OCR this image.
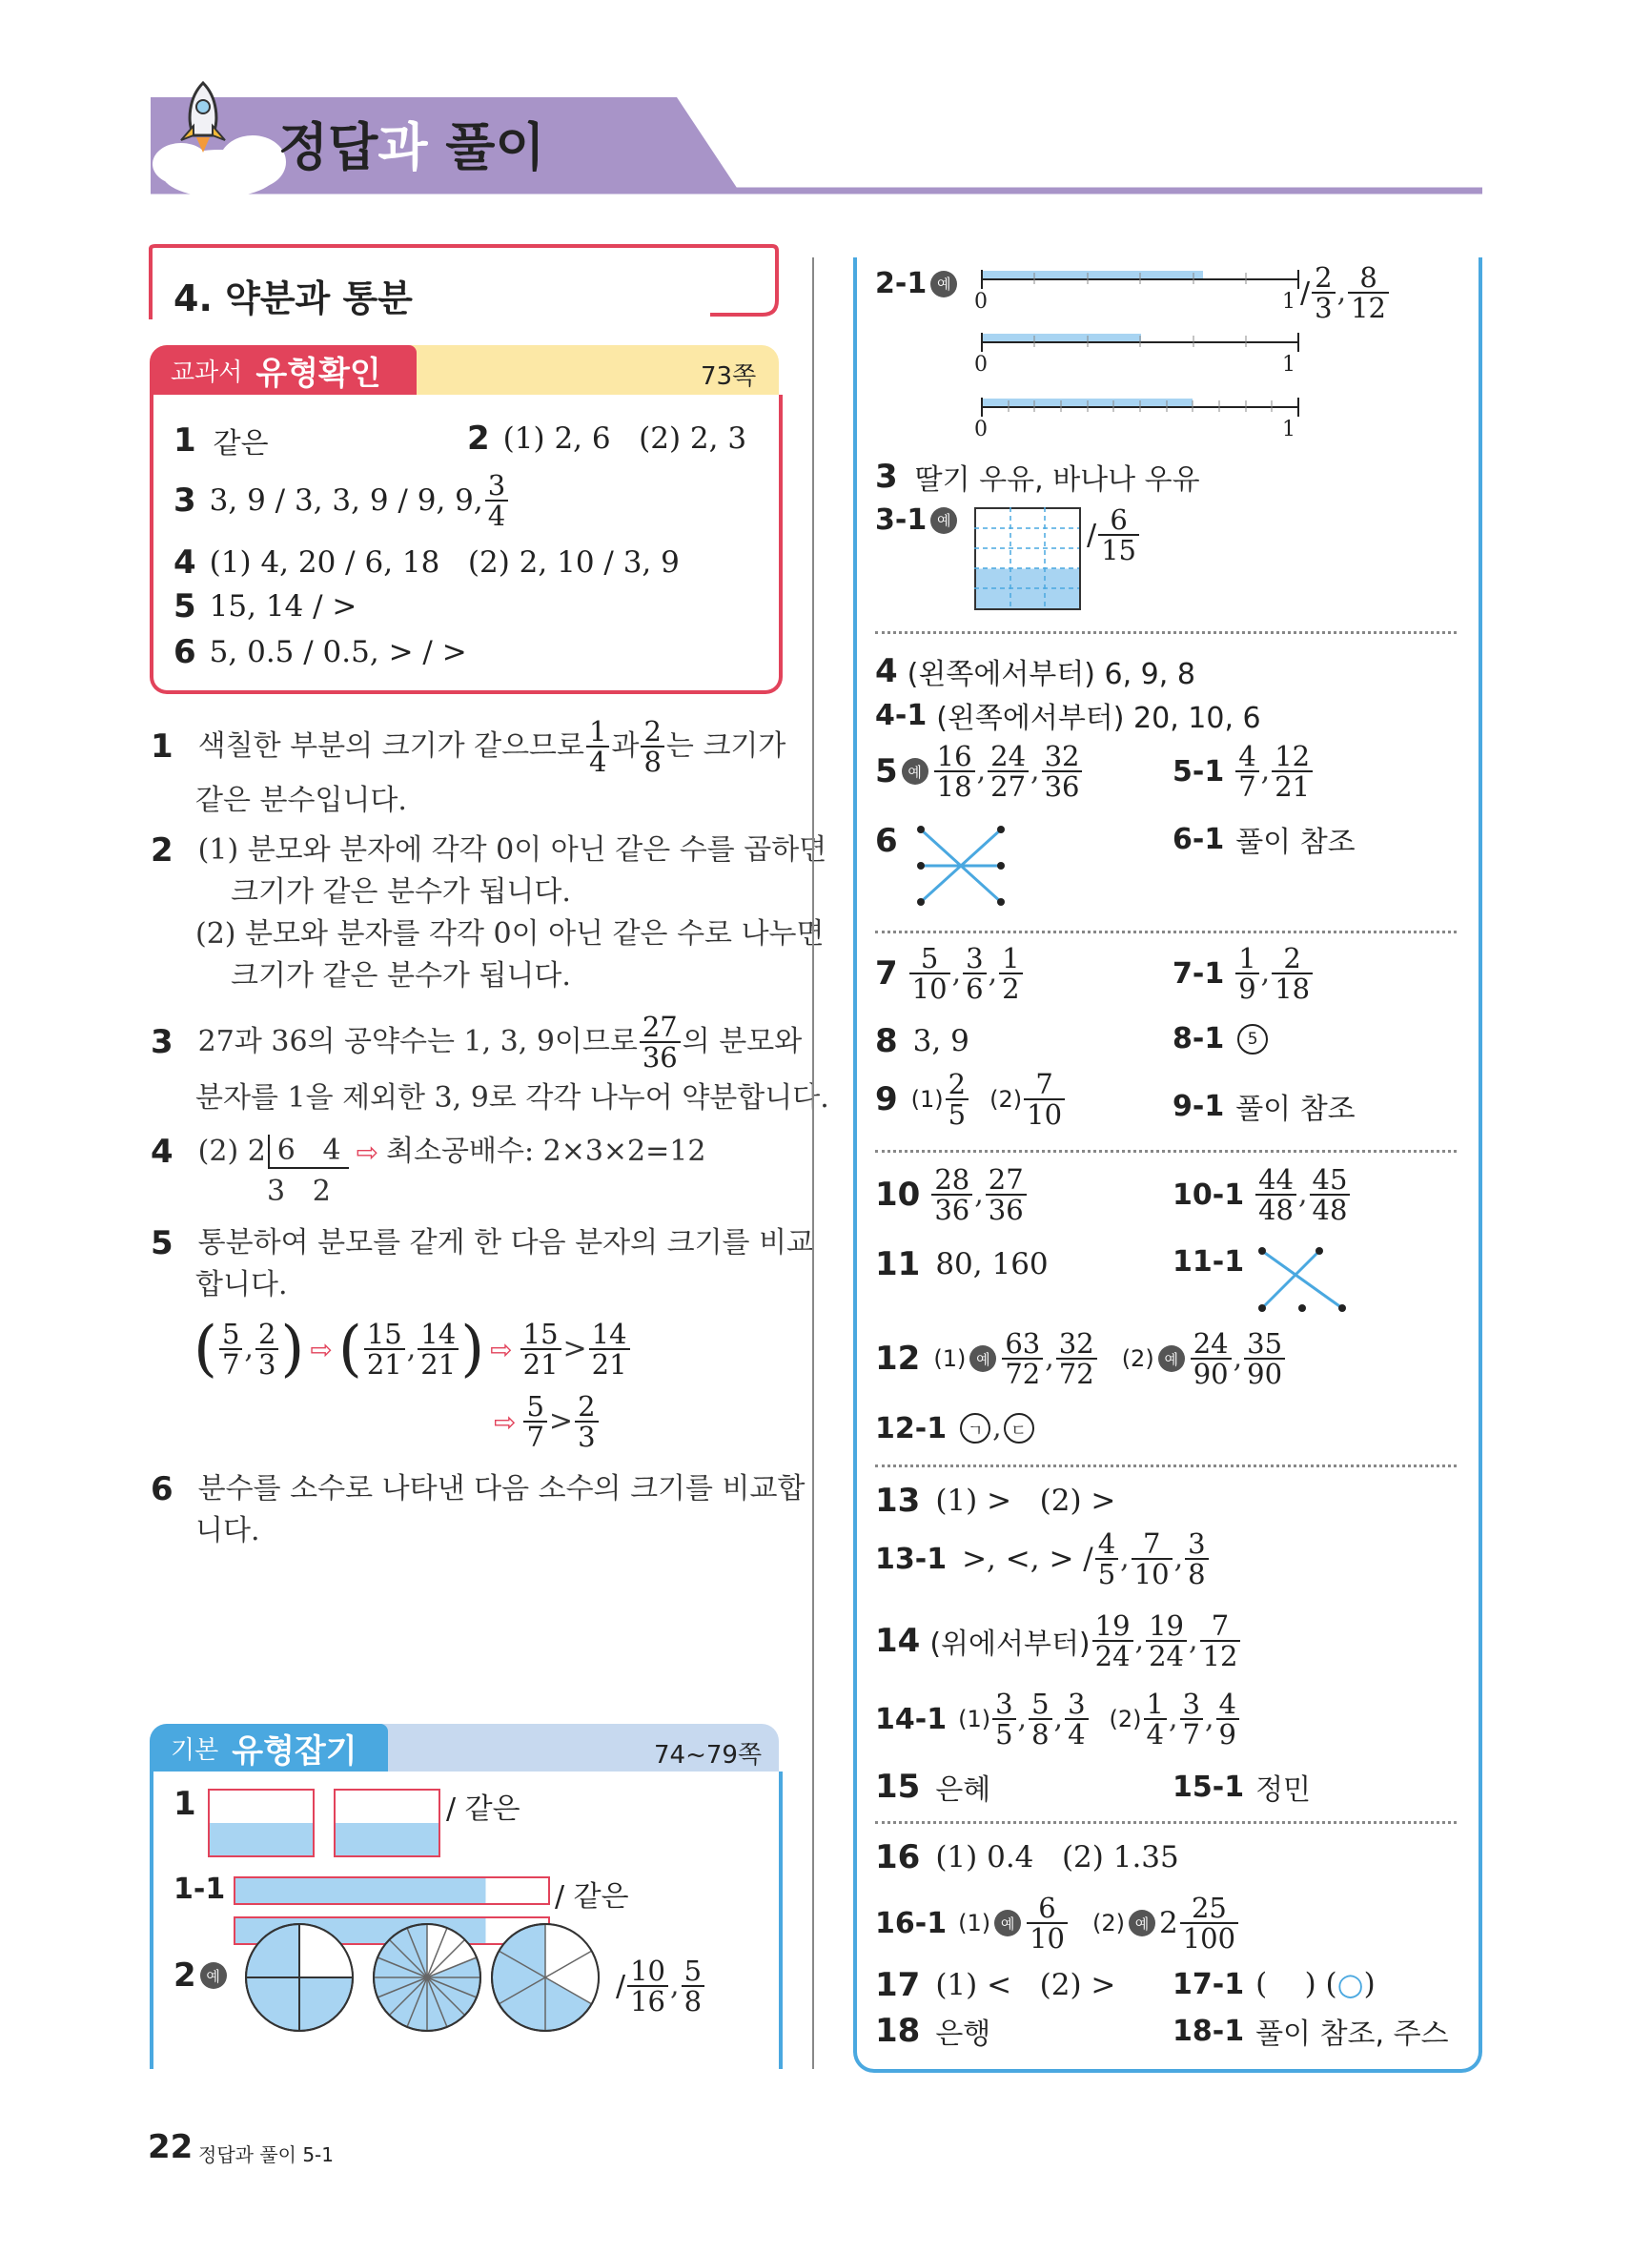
정답과 풀이
4. 약분과 통분
교과서 유형확인	73쪽
1 같은	2 (1) 2, 6   (2) 2, 3
3 3, 9 / 3, 3, 9 / 9, 9, $\frac{3}{4}$
4 (1) 4, 20 / 6, 18   (2) 2, 10 / 3, 9
5 15, 14 / >
6 5, 0.5 / 0.5, > / >
1 색칠한 부분의 크기가 같으므로 $\frac{1}{4}$ 과 $\frac{2}{8}$ 는 크기가
같은 분수입니다.
2 (1) 분모와 분자에 각각 0이 아닌 같은 수를 곱하면
크기가 같은 분수가 됩니다.
(2) 분모와 분자를 각각 0이 아닌 같은 수로 나누면
크기가 같은 분수가 됩니다.
3 27과 36의 공약수는 1, 3, 9이므로 $\frac{27}{36}$ 의 분모와
분자를 1을 제외한 3, 9로 각각 나누어 약분합니다.
4 (2) 2 6   4 ⇨ 최소공배수: 2×3×2=12
3   2
5 통분하여 분모를 같게 한 다음 분자의 크기를 비교
합니다.
( $\frac{5}{7}$ , $\frac{2}{3}$ ) ⇨ ( $\frac{15}{21}$ , $\frac{14}{21}$ ) ⇨ $\frac{15}{21} > \frac{14}{21}$
⇨ $\frac{5}{7} > \frac{2}{3}$
6 분수를 소수로 나타낸 다음 소수의 크기를 비교합
니다.
기본 유형잡기	74~79쪽
1	/ 같은
1-1	/ 같은
2 예	/ $\frac{10}{16}$ , $\frac{5}{8}$
2-1 예
0	1
0	1
0	1
/ $\frac{2}{3}$ , $\frac{8}{12}$
3 딸기 우유, 바나나 우유
3-1 예	/ $\frac{6}{15}$
4 (왼쪽에서부터) 6, 9, 8
4-1 (왼쪽에서부터) 20, 10, 6
5 예 $\frac{16}{18}$ , $\frac{24}{27}$ , $\frac{32}{36}$	$5-1 \frac{4}{7}$ , $\frac{12}{21}$
6	6-1 풀이 참조
$7 \frac{5}{10}$ , $\frac{3}{6}$ , $\frac{1}{2}$	$7-1 \frac{1}{9}$ , $\frac{2}{18}$
8 3, 9	8-1	5
9 $(1) \frac{2}{5} (2) \frac{7}{10}$	9-1 풀이 참조
$10 \frac{28}{36}$ , $\frac{27}{36}$	$10-1 \frac{44}{48}$ , $\frac{45}{48}$
11 80, 160	11-1
12 (1) 예 $\frac{63}{72}$ , $\frac{32}{72} (2)$ 예 $\frac{24}{90}$ , $\frac{35}{90}$
12-1	ㄱ , ㄷ
13 (1) >   (2) >
13-1 >, <, > / $\frac{4}{5}$ , $\frac{7}{10}$ , $\frac{3}{8}$
14 (위에서부터) $\frac{19}{24}$ , $\frac{19}{24}$ , $\frac{7}{12}$
14-1 $(1) \frac{3}{5}$ , $\frac{5}{8}$ , $\frac{3}{4} (2) \frac{1}{4}$ , $\frac{3}{7}$ , $\frac{4}{9}$
15 은혜	15-1 정민
16 (1) 0.4   (2) 1.35
16-1 (1) 예 $\frac{6}{10} (2)$ 예 $2 \frac{25}{100}$
17 (1) <   (2) > 17-1 (    ) ( ○ )
18 은행	18-1 풀이 참조, 주스
22 정답과 풀이 5-1
